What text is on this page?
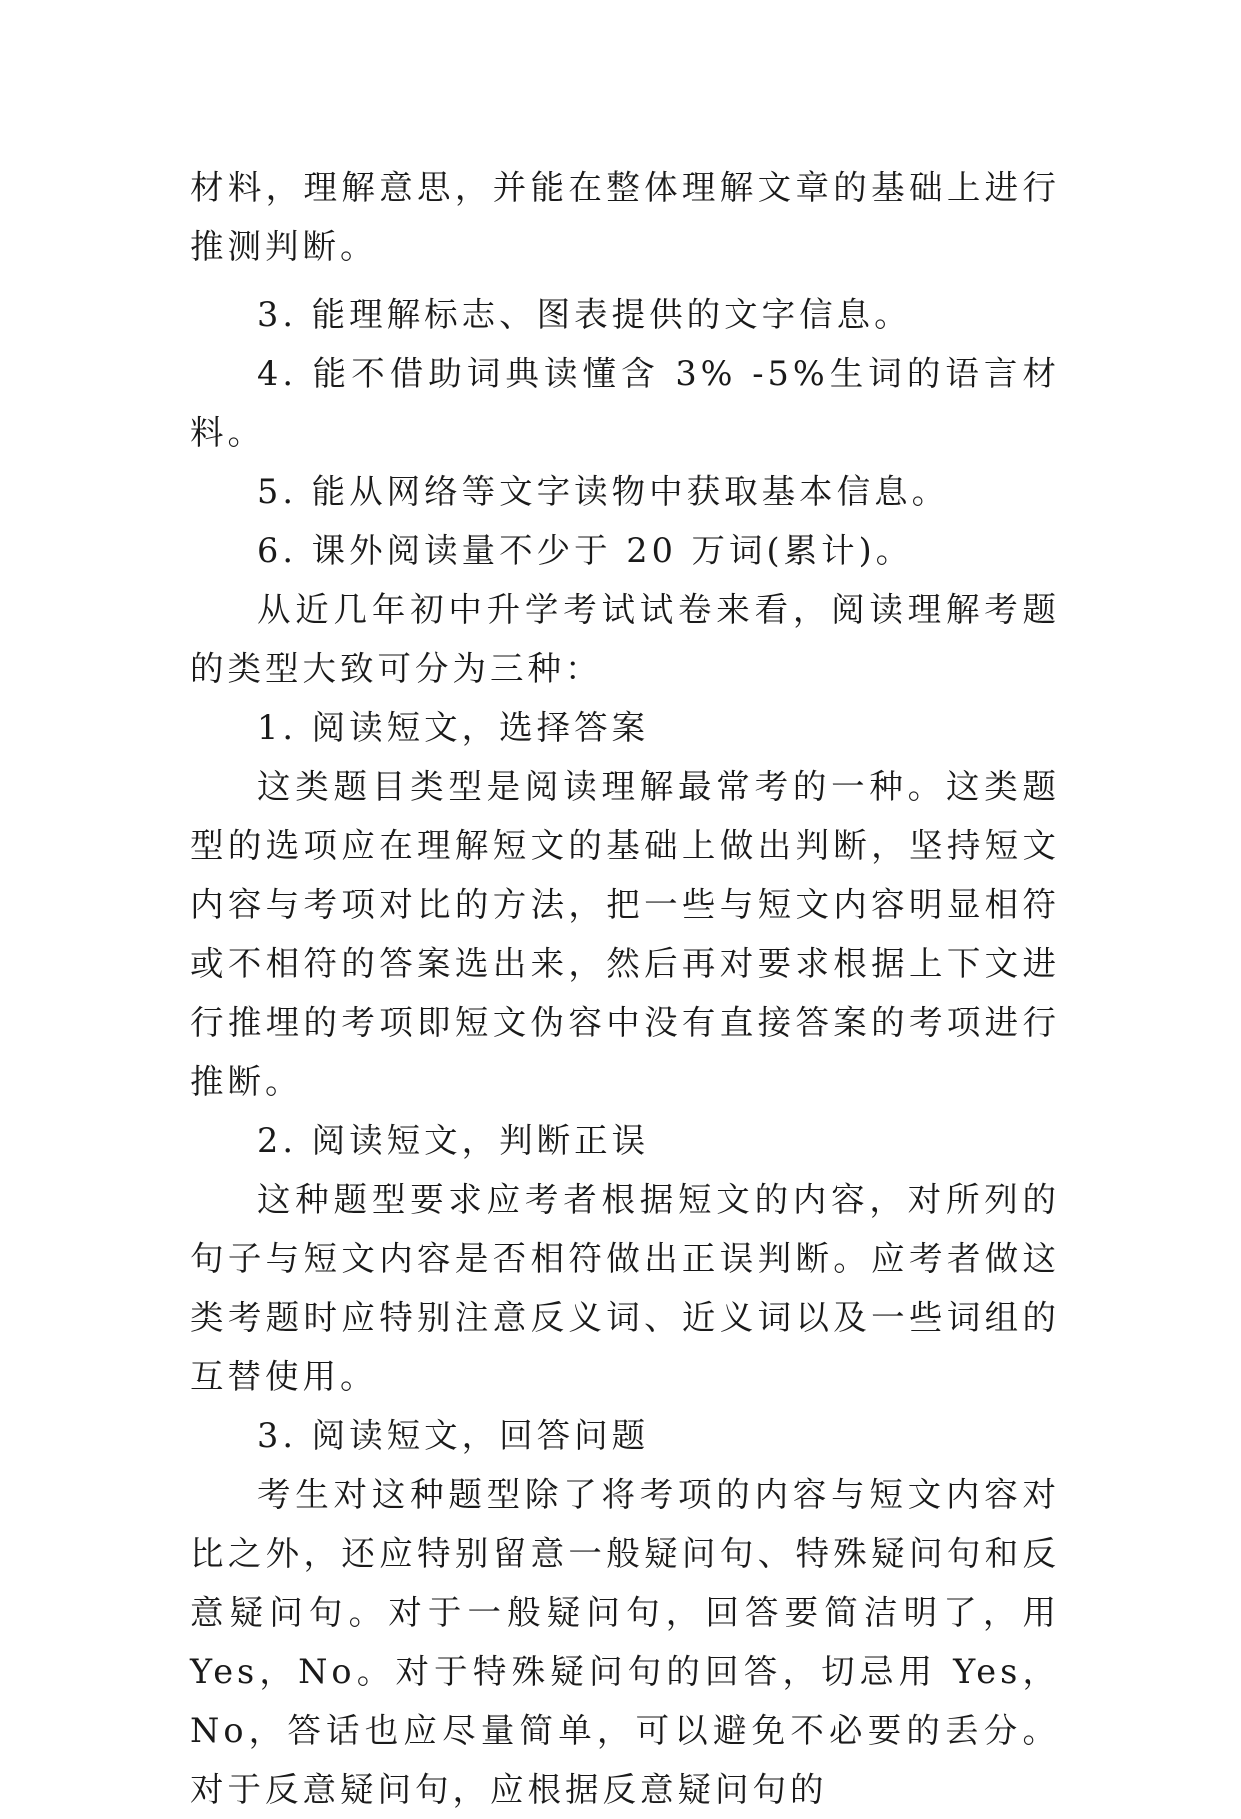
材料，理解意思，并能在整体理解文章的基础上进行推测判断。

3. 能理解标志、图表提供的文字信息。

4. 能不借助词典读懂含 3% -5%生词的语言材料。

5. 能从网络等文字读物中获取基本信息。

6. 课外阅读量不少于 20 万词(累计)。

从近几年初中升学考试试卷来看，阅读理解考题的类型大致可分为三种：

1. 阅读短文，选择答案

这类题目类型是阅读理解最常考的一种。这类题型的选项应在理解短文的基础上做出判断，坚持短文内容与考项对比的方法，把一些与短文内容明显相符或不相符的答案选出来，然后再对要求根据上下文进行推埋的考项即短文伪容中没有直接答案的考项进行推断。

2. 阅读短文，判断正误

这种题型要求应考者根据短文的内容，对所列的句子与短文内容是否相符做出正误判断。应考者做这类考题时应特别注意反义词、近义词以及一些词组的互替使用。

3. 阅读短文，回答问题

考生对这种题型除了将考项的内容与短文内容对比之外，还应特别留意一般疑问句、特殊疑问句和反意疑问句。对于一般疑问句，回答要简洁明了，用 Yes，No。对于特殊疑问句的回答，切忌用 Yes，No，答话也应尽量简单，可以避免不必要的丢分。对于反意疑问句，应根据反意疑问句的
